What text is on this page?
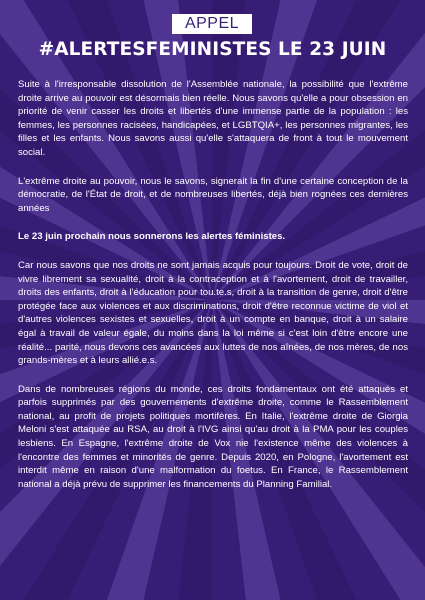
APPEL
#ALERTESFEMINISTES LE 23 JUIN

Suite à l'irresponsable dissolution de l'Assemblée nationale, la possibilité que l'extrême droite arrive au pouvoir est désormais bien réelle. Nous savons qu'elle a pour obsession en priorité de venir casser les droits et libertés d'une immense partie de la population : les femmes, les personnes racisées, handicapées, et LGBTQIA+, les personnes migrantes, les filles et les enfants. Nous savons aussi qu'elle s'attaquera de front à tout le mouvement social.

L'extrême droite au pouvoir, nous le savons, signerait la fin d'une certaine conception de la démocratie, de l'État de droit, et de nombreuses libertés, déjà bien rognées ces dernières années

Le 23 juin prochain nous sonnerons les alertes féministes.

Car nous savons que nos droits ne sont jamais acquis pour toujours. Droit de vote, droit de vivre librement sa sexualité, droit à la contraception et à l'avortement, droit de travailler, droits des enfants, droit à l'éducation pour tou.te.s, droit à la transition de genre, droit d'être protégée face aux violences et aux discriminations, droit d'être reconnue victime de viol et d'autres violences sexistes et sexuelles, droit à un compte en banque, droit à un salaire égal à travail de valeur égale, du moins dans la loi même si c'est loin d'être encore une réalité... parité, nous devons ces avancées aux luttes de nos aînées, de nos mères, de nos grands-mères et à leurs allié.e.s.

Dans de nombreuses régions du monde, ces droits fondamentaux ont été attaqués et parfois supprimés par des gouvernements d'extrême droite, comme le Rassemblement national, au profit de projets politiques mortifères. En Italie, l'extrême droite de Giorgia Meloni s'est attaquée au RSA, au droit à l'IVG ainsi qu'au droit à la PMA pour les couples lesbiens. En Espagne, l'extrême droite de Vox nie l'existence même des violences à l'encontre des femmes et minorités de genre. Depuis 2020, en Pologne, l'avortement est interdit même en raison d'une malformation du foetus. En France, le Rassemblement national a déjà prévu de supprimer les financements du Planning Familial.
